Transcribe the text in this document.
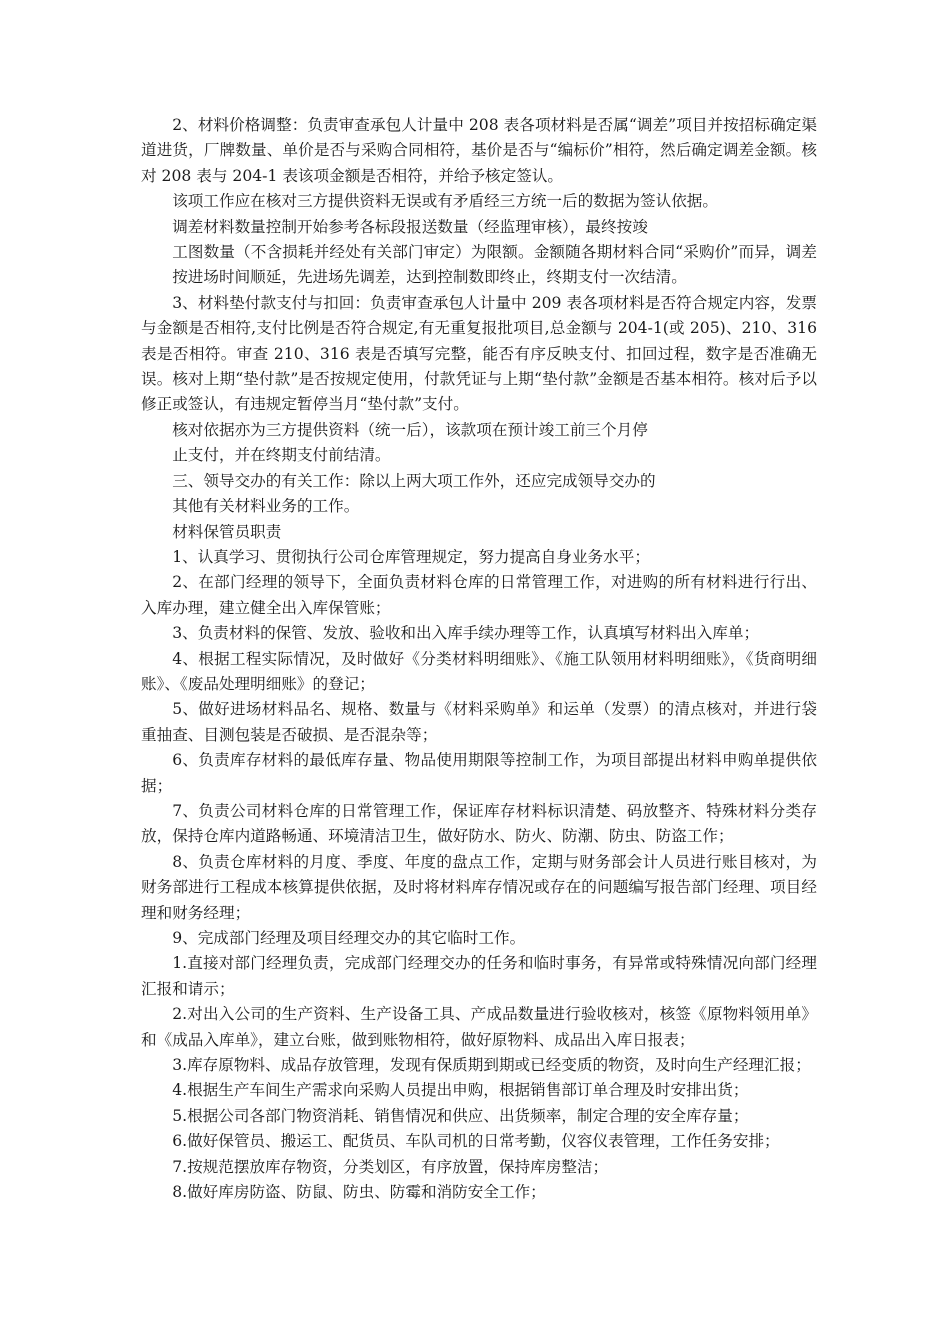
2、材料价格调整：负责审查承包人计量中 208 表各项材料是否属“调差”项目并按招标确定渠道进货，厂牌数量、单价是否与采购合同相符，基价是否与“编标价”相符，然后确定调差金额。核对 208 表与 204-1 表该项金额是否相符，并给予核定签认。

该项工作应在核对三方提供资料无误或有矛盾经三方统一后的数据为签认依据。

调差材料数量控制开始参考各标段报送数量（经监理审核），最终按竣

工图数量（不含损耗并经处有关部门审定）为限额。金额随各期材料合同“采购价”而异，调差按进场时间顺延，先进场先调差，达到控制数即终止，终期支付一次结清。

3、材料垫付款支付与扣回：负责审查承包人计量中 209 表各项材料是否符合规定内容，发票与金额是否相符,支付比例是否符合规定,有无重复报批项目,总金额与 204-1(或 205)、210、316 表是否相符。审查 210、316 表是否填写完整，能否有序反映支付、扣回过程，数字是否准确无误。核对上期“垫付款”是否按规定使用，付款凭证与上期“垫付款”金额是否基本相符。核对后予以修正或签认，有违规定暂停当月“垫付款”支付。

核对依据亦为三方提供资料（统一后），该款项在预计竣工前三个月停

止支付，并在终期支付前结清。

三、领导交办的有关工作：除以上两大项工作外，还应完成领导交办的

其他有关材料业务的工作。

材料保管员职责

1、认真学习、贯彻执行公司仓库管理规定，努力提高自身业务水平；

2、在部门经理的领导下，全面负责材料仓库的日常管理工作，对进购的所有材料进行行出、入库办理，建立健全出入库保管账；

3、负责材料的保管、发放、验收和出入库手续办理等工作，认真填写材料出入库单；

4、根据工程实际情况，及时做好《分类材料明细账》、《施工队领用材料明细账》，《货商明细账》、《废品处理明细账》的登记；

5、做好进场材料品名、规格、数量与《材料采购单》和运单（发票）的清点核对，并进行袋重抽查、目测包装是否破损、是否混杂等；

6、负责库存材料的最低库存量、物品使用期限等控制工作，为项目部提出材料申购单提供依据；

7、负责公司材料仓库的日常管理工作，保证库存材料标识清楚、码放整齐、特殊材料分类存放，保持仓库内道路畅通、环境清洁卫生，做好防水、防火、防潮、防虫、防盗工作；

8、负责仓库材料的月度、季度、年度的盘点工作，定期与财务部会计人员进行账目核对，为财务部进行工程成本核算提供依据，及时将材料库存情况或存在的问题编写报告部门经理、项目经理和财务经理；

9、完成部门经理及项目经理交办的其它临时工作。

1.直接对部门经理负责，完成部门经理交办的任务和临时事务，有异常或特殊情况向部门经理汇报和请示；

2.对出入公司的生产资料、生产设备工具、产成品数量进行验收核对，核签《原物料领用单》和《成品入库单》，建立台账，做到账物相符，做好原物料、成品出入库日报表；

3.库存原物料、成品存放管理，发现有保质期到期或已经变质的物资，及时向生产经理汇报；

4.根据生产车间生产需求向采购人员提出申购，根据销售部订单合理及时安排出货；

5.根据公司各部门物资消耗、销售情况和供应、出货频率，制定合理的安全库存量；

6.做好保管员、搬运工、配货员、车队司机的日常考勤，仪容仪表管理，工作任务安排；

7.按规范摆放库存物资，分类划区，有序放置，保持库房整洁；

8.做好库房防盗、防鼠、防虫、防霉和消防安全工作；
